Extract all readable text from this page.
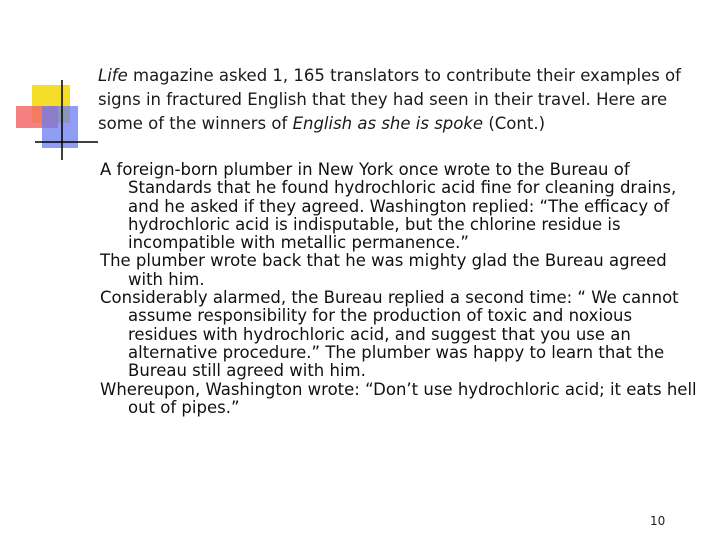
Life magazine asked 1, 165 translators to contribute their examples of signs in fractured English that they had seen in their travel. Here are some of the winners of English as she is spoke (Cont.)

A foreign-born plumber in New York once wrote to the Bureau of Standards that he found hydrochloric acid fine for cleaning drains, and he asked if they agreed. Washington replied: “The efficacy of hydrochloric acid is indisputable, but the chlorine residue is incompatible with metallic permanence.”

The plumber wrote back that he was mighty glad the Bureau agreed with him.

Considerably alarmed, the Bureau replied a second time: “ We cannot assume responsibility for the production of toxic and noxious residues with hydrochloric acid, and suggest that you use an alternative procedure.” The plumber was happy to learn that the Bureau still agreed with him.

Whereupon, Washington wrote: “Don’t use hydrochloric acid; it eats hell out of pipes.”

10
